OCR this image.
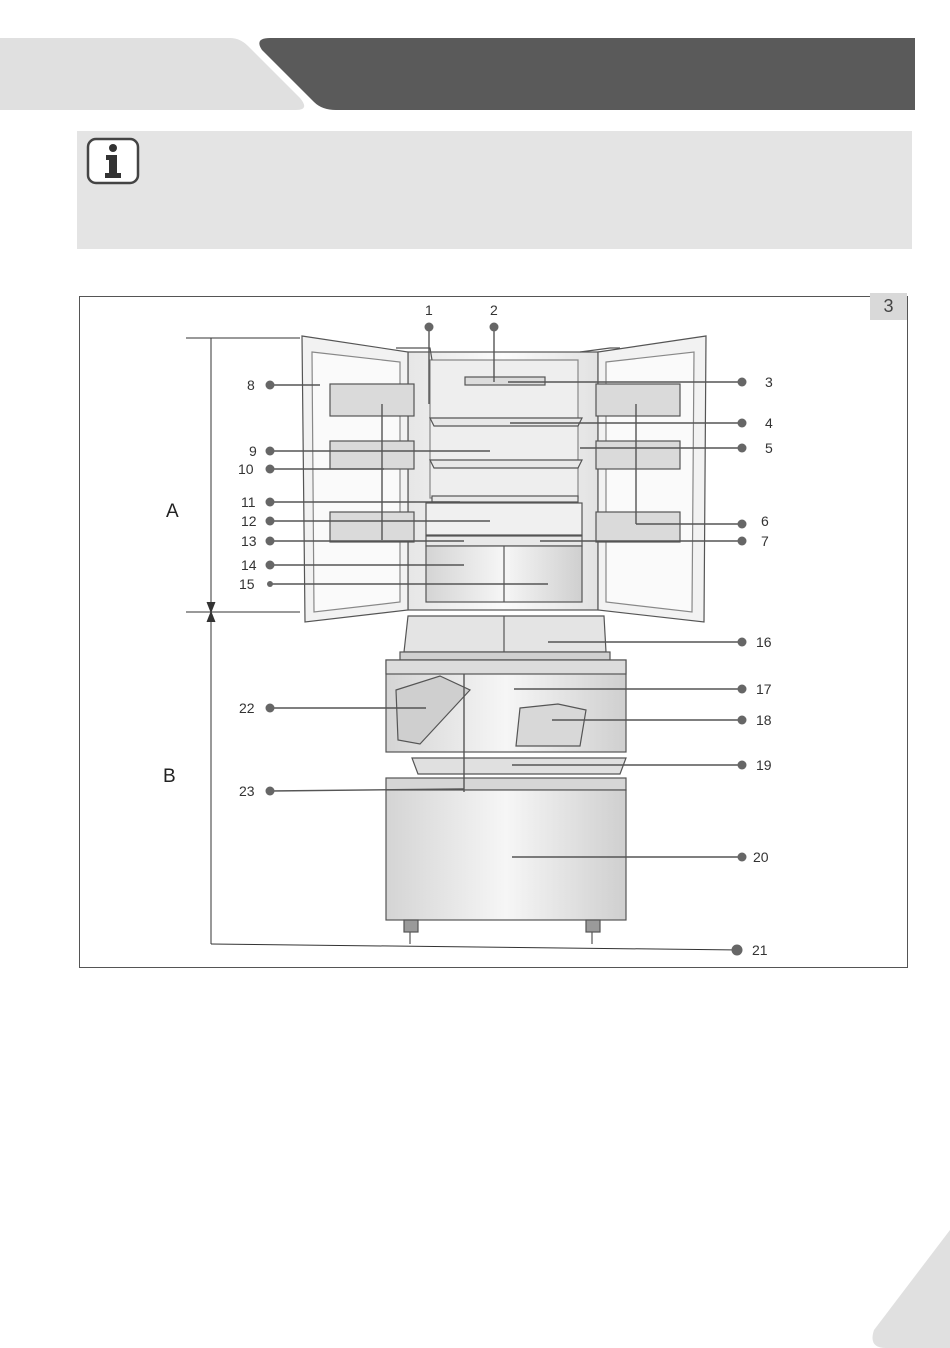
3
1	2
3
4
5
6
7
8
9
10
11
12
13
14
15
16
17
18
19
20
21
22
23
A
B
